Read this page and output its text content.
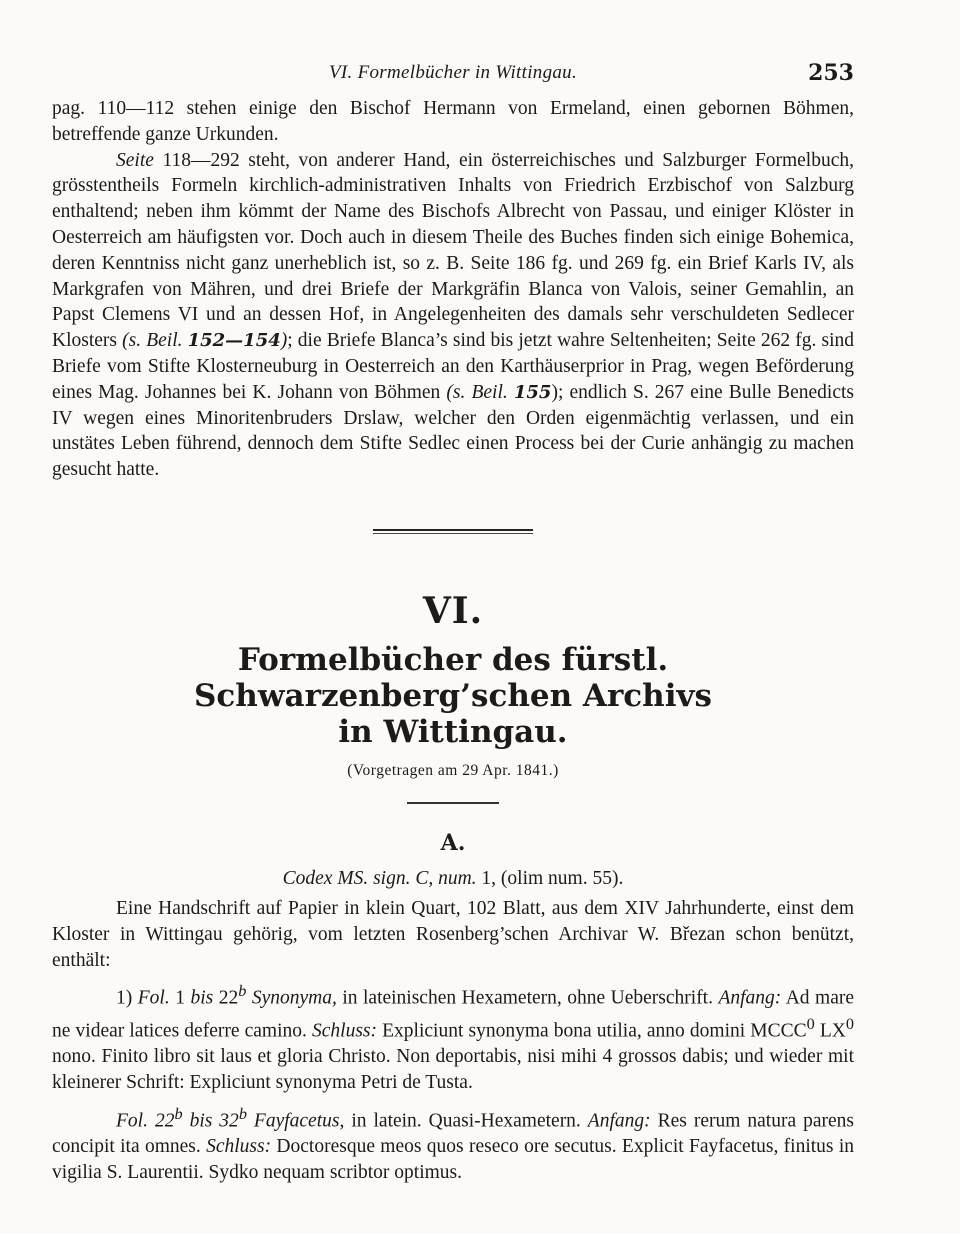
VI. Formelbücher in Wittingau.	253

pag. 110—112 stehen einige den Bischof Hermann von Ermeland, einen gebornen Böhmen, betreffende ganze Urkunden.

Seite 118—292 steht, von anderer Hand, ein österreichisches und Salzburger Formelbuch, grösstentheils Formeln kirchlich-administrativen Inhalts von Friedrich Erzbischof von Salzburg enthaltend; neben ihm kömmt der Name des Bischofs Albrecht von Passau, und einiger Klöster in Oesterreich am häufigsten vor. Doch auch in diesem Theile des Buches finden sich einige Bohemica, deren Kenntniss nicht ganz unerheblich ist, so z. B. Seite 186 fg. und 269 fg. ein Brief Karls IV, als Markgrafen von Mähren, und drei Briefe der Markgräfin Blanca von Valois, seiner Gemahlin, an Papst Clemens VI und an dessen Hof, in Angelegenheiten des damals sehr verschuldeten Sedlecer Klosters (s. Beil. 152—154); die Briefe Blanca’s sind bis jetzt wahre Seltenheiten; Seite 262 fg. sind Briefe vom Stifte Klosterneuburg in Oesterreich an den Karthäuserprior in Prag, wegen Beförderung eines Mag. Johannes bei K. Johann von Böhmen (s. Beil. 155); endlich S. 267 eine Bulle Benedicts IV wegen eines Minoritenbruders Drslaw, welcher den Orden eigenmächtig verlassen, und ein unstätes Leben führend, dennoch dem Stifte Sedlec einen Process bei der Curie anhängig zu machen gesucht hatte.

VI.
Formelbücher des fürstl. Schwarzenberg’schen Archivs
in Wittingau.
(Vorgetragen am 29 Apr. 1841.)
A.
Codex MS. sign. C, num. 1, (olim num. 55).

Eine Handschrift auf Papier in klein Quart, 102 Blatt, aus dem XIV Jahrhunderte, einst dem Kloster in Wittingau gehörig, vom letzten Rosenberg’schen Archivar W. Březan schon benützt, enthält:

1) Fol. 1 bis 22$^b$ Synonyma, in lateinischen Hexametern, ohne Ueberschrift. Anfang: Ad mare ne videar latices deferre camino. Schluss: Expliciunt synonyma bona utilia, anno domini MCCC$^0$ $LX^0$ nono. Finito libro sit laus et gloria Christo. Non deportabis, nisi mihi 4 grossos dabis; und wieder mit kleinerer Schrift: Expliciunt synonyma Petri de Tusta.

Fol. 22$^b$ bis 32$^b$ Fayfacetus, in latein. Quasi-Hexametern. Anfang: Res rerum natura parens concipit ita omnes. Schluss: Doctoresque meos quos reseco ore secutus. Explicit Fayfacetus, finitus in vigilia S. Laurentii. Sydko nequam scribtor optimus.
